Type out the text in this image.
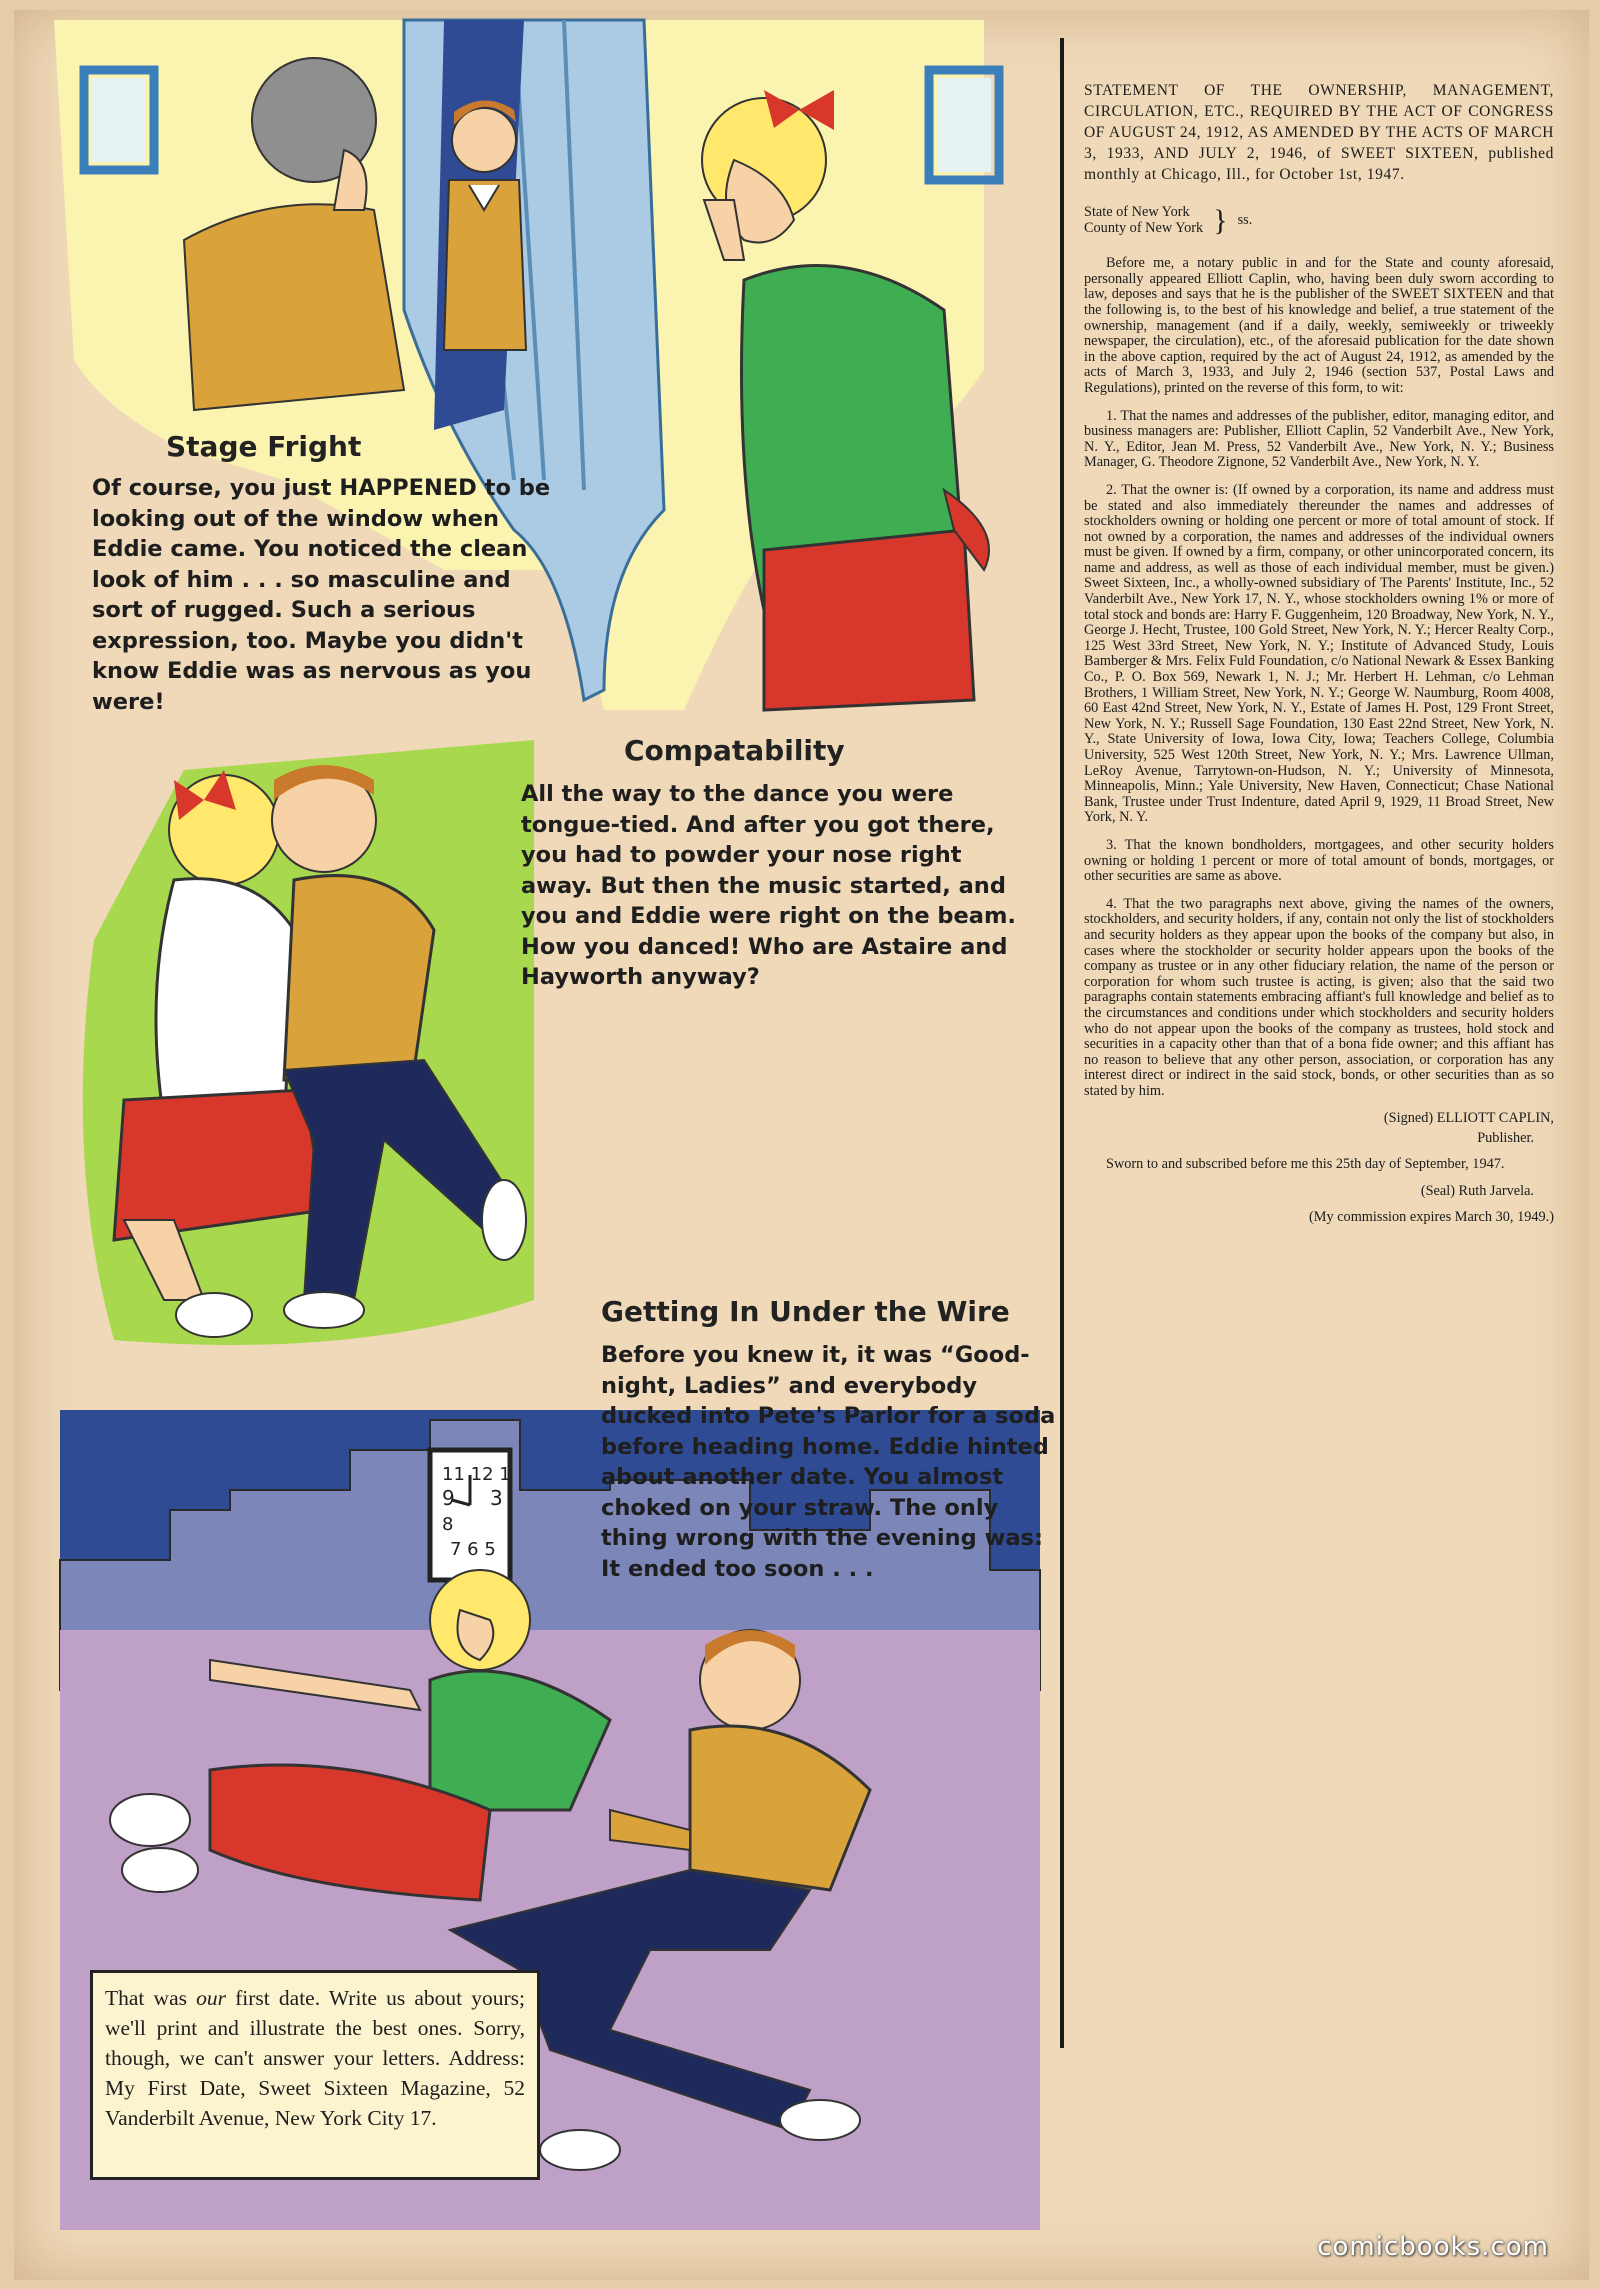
Stage Fright

Of course, you just HAPPENED to be looking out of the window when Eddie came. You noticed the clean look of him . . . so masculine and sort of rugged. Such a serious expression, too. Maybe you didn't know Eddie was as nervous as you were!

Compatability

All the way to the dance you were tongue-tied. And after you got there, you had to powder your nose right away. But then the music started, and you and Eddie were right on the beam. How you danced! Who are Astaire and Hayworth anyway?

11 12 1
9 3
8
7 6 5
Getting In Under the Wire

Before you knew it, it was “Good-night, Ladies” and everybody ducked into Pete's Parlor for a soda before heading home. Eddie hinted about another date. You almost choked on your straw. The only thing wrong with the evening was: It ended too soon . . .

That was our first date. Write us about yours; we'll print and illustrate the best ones. Sorry, though, we can't answer your letters. Address: My First Date, Sweet Sixteen Magazine, 52 Vanderbilt Avenue, New York City 17.

STATEMENT OF THE OWNERSHIP, MANAGEMENT, CIRCULATION, ETC., REQUIRED BY THE ACT OF CONGRESS OF AUGUST 24, 1912, AS AMENDED BY THE ACTS OF MARCH 3, 1933, AND JULY 2, 1946, of SWEET SIXTEEN, published monthly at Chicago, Ill., for October 1st, 1947.

State of New York
County of New York } ss.

Before me, a notary public in and for the State and county aforesaid, personally appeared Elliott Caplin, who, having been duly sworn according to law, deposes and says that he is the publisher of the SWEET SIXTEEN and that the following is, to the best of his knowledge and belief, a true statement of the ownership, management (and if a daily, weekly, semiweekly or triweekly newspaper, the circulation), etc., of the aforesaid publication for the date shown in the above caption, required by the act of August 24, 1912, as amended by the acts of March 3, 1933, and July 2, 1946 (section 537, Postal Laws and Regulations), printed on the reverse of this form, to wit:

1. That the names and addresses of the publisher, editor, managing editor, and business managers are: Publisher, Elliott Caplin, 52 Vanderbilt Ave., New York, N. Y., Editor, Jean M. Press, 52 Vanderbilt Ave., New York, N. Y.; Business Manager, G. Theodore Zignone, 52 Vanderbilt Ave., New York, N. Y.

2. That the owner is: (If owned by a corporation, its name and address must be stated and also immediately thereunder the names and addresses of stockholders owning or holding one percent or more of total amount of stock. If not owned by a corporation, the names and addresses of the individual owners must be given. If owned by a firm, company, or other unincorporated concern, its name and address, as well as those of each individual member, must be given.) Sweet Sixteen, Inc., a wholly-owned subsidiary of The Parents' Institute, Inc., 52 Vanderbilt Ave., New York 17, N. Y., whose stockholders owning 1% or more of total stock and bonds are: Harry F. Guggenheim, 120 Broadway, New York, N. Y., George J. Hecht, Trustee, 100 Gold Street, New York, N. Y.; Hercer Realty Corp., 125 West 33rd Street, New York, N. Y.; Institute of Advanced Study, Louis Bamberger & Mrs. Felix Fuld Foundation, c/o National Newark & Essex Banking Co., P. O. Box 569, Newark 1, N. J.; Mr. Herbert H. Lehman, c/o Lehman Brothers, 1 William Street, New York, N. Y.; George W. Naumburg, Room 4008, 60 East 42nd Street, New York, N. Y., Estate of James H. Post, 129 Front Street, New York, N. Y.; Russell Sage Foundation, 130 East 22nd Street, New York, N. Y., State University of Iowa, Iowa City, Iowa; Teachers College, Columbia University, 525 West 120th Street, New York, N. Y.; Mrs. Lawrence Ullman, LeRoy Avenue, Tarrytown-on-Hudson, N. Y.; University of Minnesota, Minneapolis, Minn.; Yale University, New Haven, Connecticut; Chase National Bank, Trustee under Trust Indenture, dated April 9, 1929, 11 Broad Street, New York, N. Y.

3. That the known bondholders, mortgagees, and other security holders owning or holding 1 percent or more of total amount of bonds, mortgages, or other securities are same as above.

4. That the two paragraphs next above, giving the names of the owners, stockholders, and security holders, if any, contain not only the list of stockholders and security holders as they appear upon the books of the company but also, in cases where the stockholder or security holder appears upon the books of the company as trustee or in any other fiduciary relation, the name of the person or corporation for whom such trustee is acting, is given; also that the said two paragraphs contain statements embracing affiant's full knowledge and belief as to the circumstances and conditions under which stockholders and security holders who do not appear upon the books of the company as trustees, hold stock and securities in a capacity other than that of a bona fide owner; and this affiant has no reason to believe that any other person, association, or corporation has any interest direct or indirect in the said stock, bonds, or other securities than as so stated by him.

(Signed) ELLIOTT CAPLIN,
Publisher.

Sworn to and subscribed before me this 25th day of September, 1947.

(Seal) Ruth Jarvela.
(My commission expires March 30, 1949.)
comicbooks.com
